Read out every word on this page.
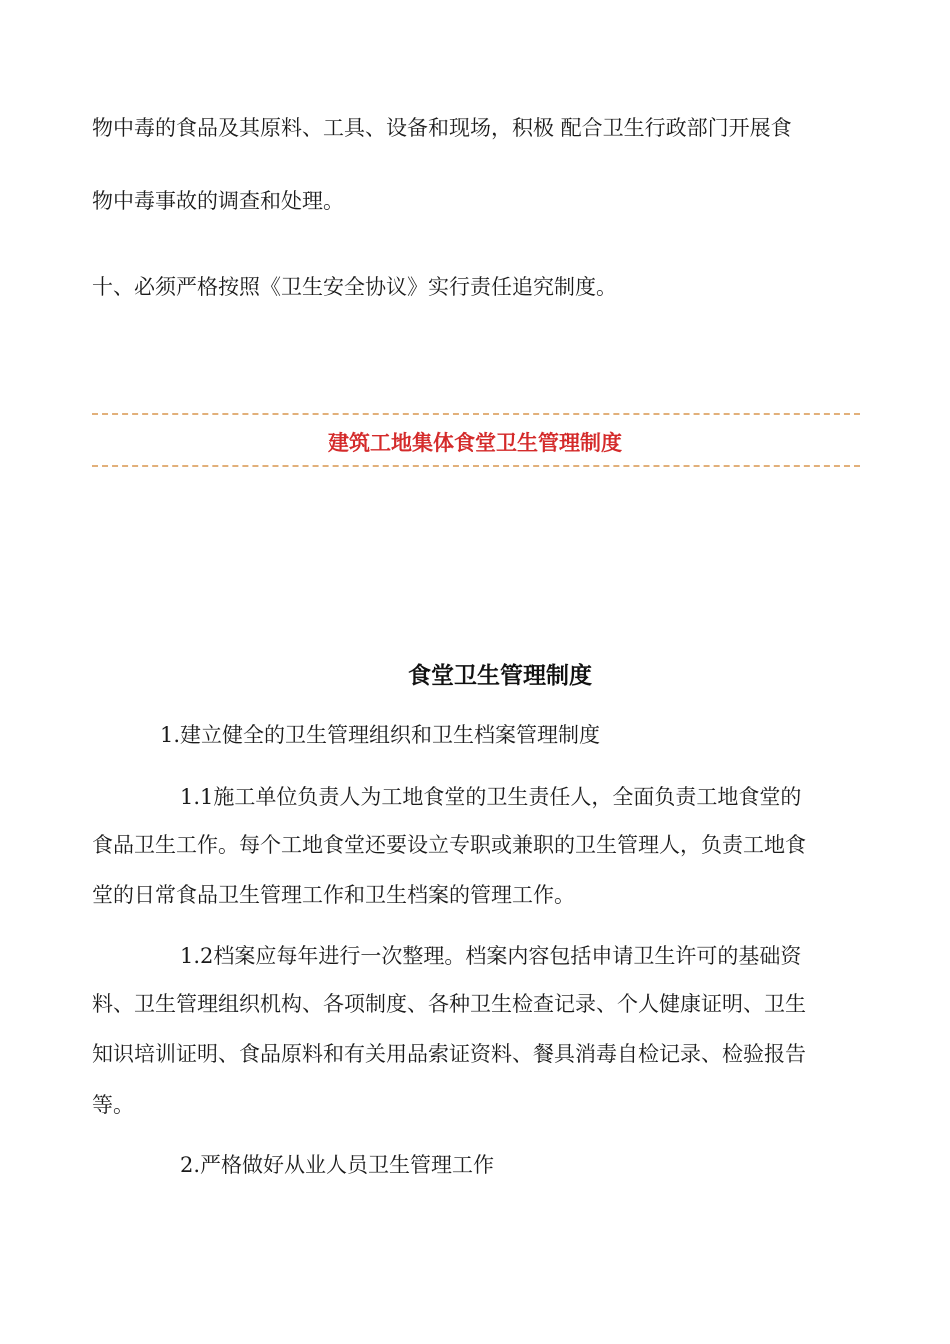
物中毒的食品及其原料、工具、设备和现场，积极 配合卫生行政部门开展食
物中毒事故的调查和处理。
十、必须严格按照《卫生安全协议》实行责任追究制度。
建筑工地集体食堂卫生管理制度
食堂卫生管理制度
1.建立健全的卫生管理组织和卫生档案管理制度
1.1施工单位负责人为工地食堂的卫生责任人，全面负责工地食堂的
食品卫生工作。每个工地食堂还要设立专职或兼职的卫生管理人，负责工地食
堂的日常食品卫生管理工作和卫生档案的管理工作。
1.2档案应每年进行一次整理。档案内容包括申请卫生许可的基础资
料、卫生管理组织机构、各项制度、各种卫生检查记录、个人健康证明、卫生
知识培训证明、食品原料和有关用品索证资料、餐具消毒自检记录、检验报告
等。
2.严格做好从业人员卫生管理工作
